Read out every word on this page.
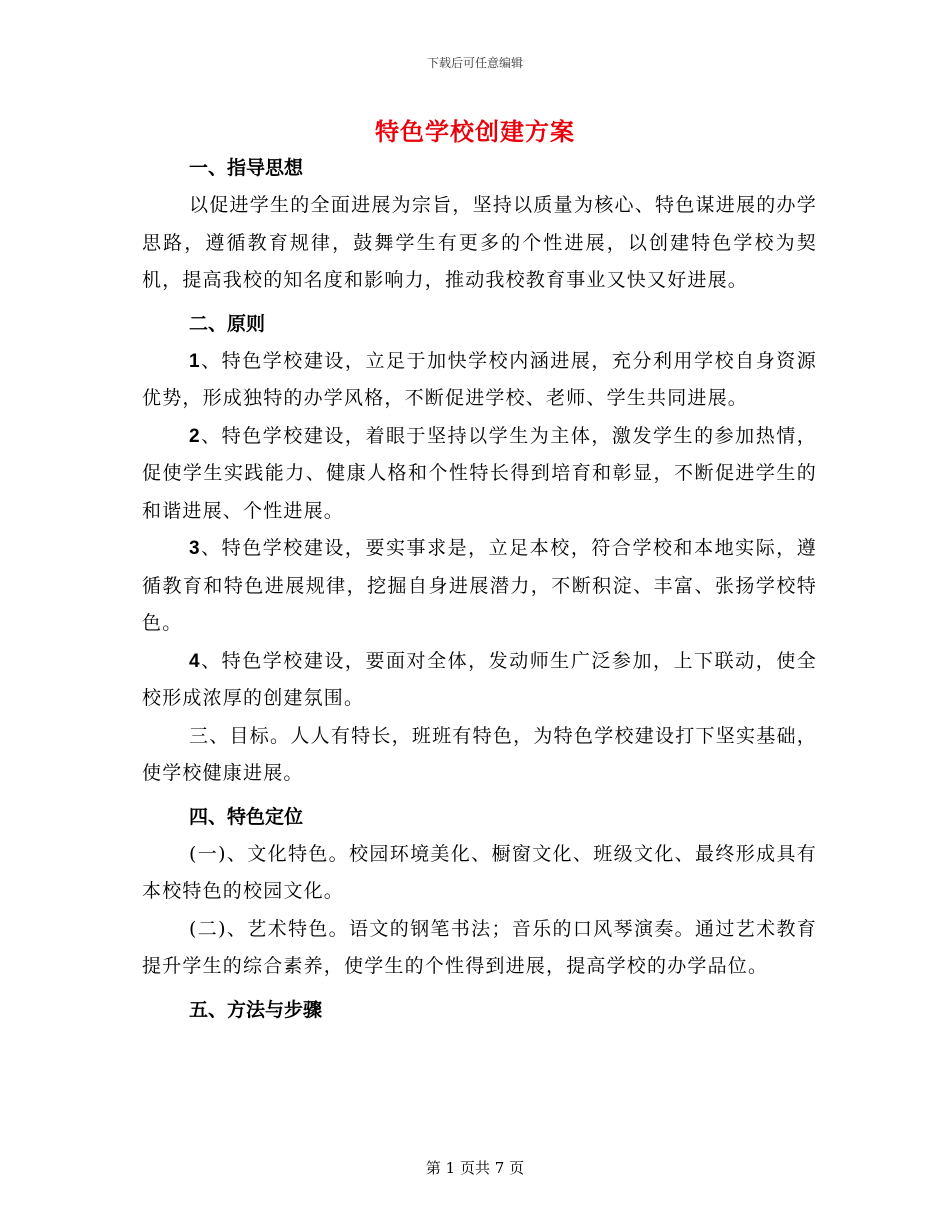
下载后可任意编辑
特色学校创建方案

一、指导思想

以促进学生的全面进展为宗旨，坚持以质量为核心、特色谋进展的办学思路，遵循教育规律，鼓舞学生有更多的个性进展，以创建特色学校为契机，提高我校的知名度和影响力，推动我校教育事业又快又好进展。

二、原则

1、特色学校建设，立足于加快学校内涵进展，充分利用学校自身资源优势，形成独特的办学风格，不断促进学校、老师、学生共同进展。

2、特色学校建设，着眼于坚持以学生为主体，激发学生的参加热情，促使学生实践能力、健康人格和个性特长得到培育和彰显，不断促进学生的和谐进展、个性进展。

3、特色学校建设，要实事求是，立足本校，符合学校和本地实际，遵循教育和特色进展规律，挖掘自身进展潜力，不断积淀、丰富、张扬学校特色。

4、特色学校建设，要面对全体，发动师生广泛参加，上下联动，使全校形成浓厚的创建氛围。

三、目标。人人有特长，班班有特色，为特色学校建设打下坚实基础，使学校健康进展。

四、特色定位

(一)、文化特色。校园环境美化、橱窗文化、班级文化、最终形成具有本校特色的校园文化。

(二)、艺术特色。语文的钢笔书法；音乐的口风琴演奏。通过艺术教育提升学生的综合素养，使学生的个性得到进展，提高学校的办学品位。

五、方法与步骤

第 1 页共 7 页
